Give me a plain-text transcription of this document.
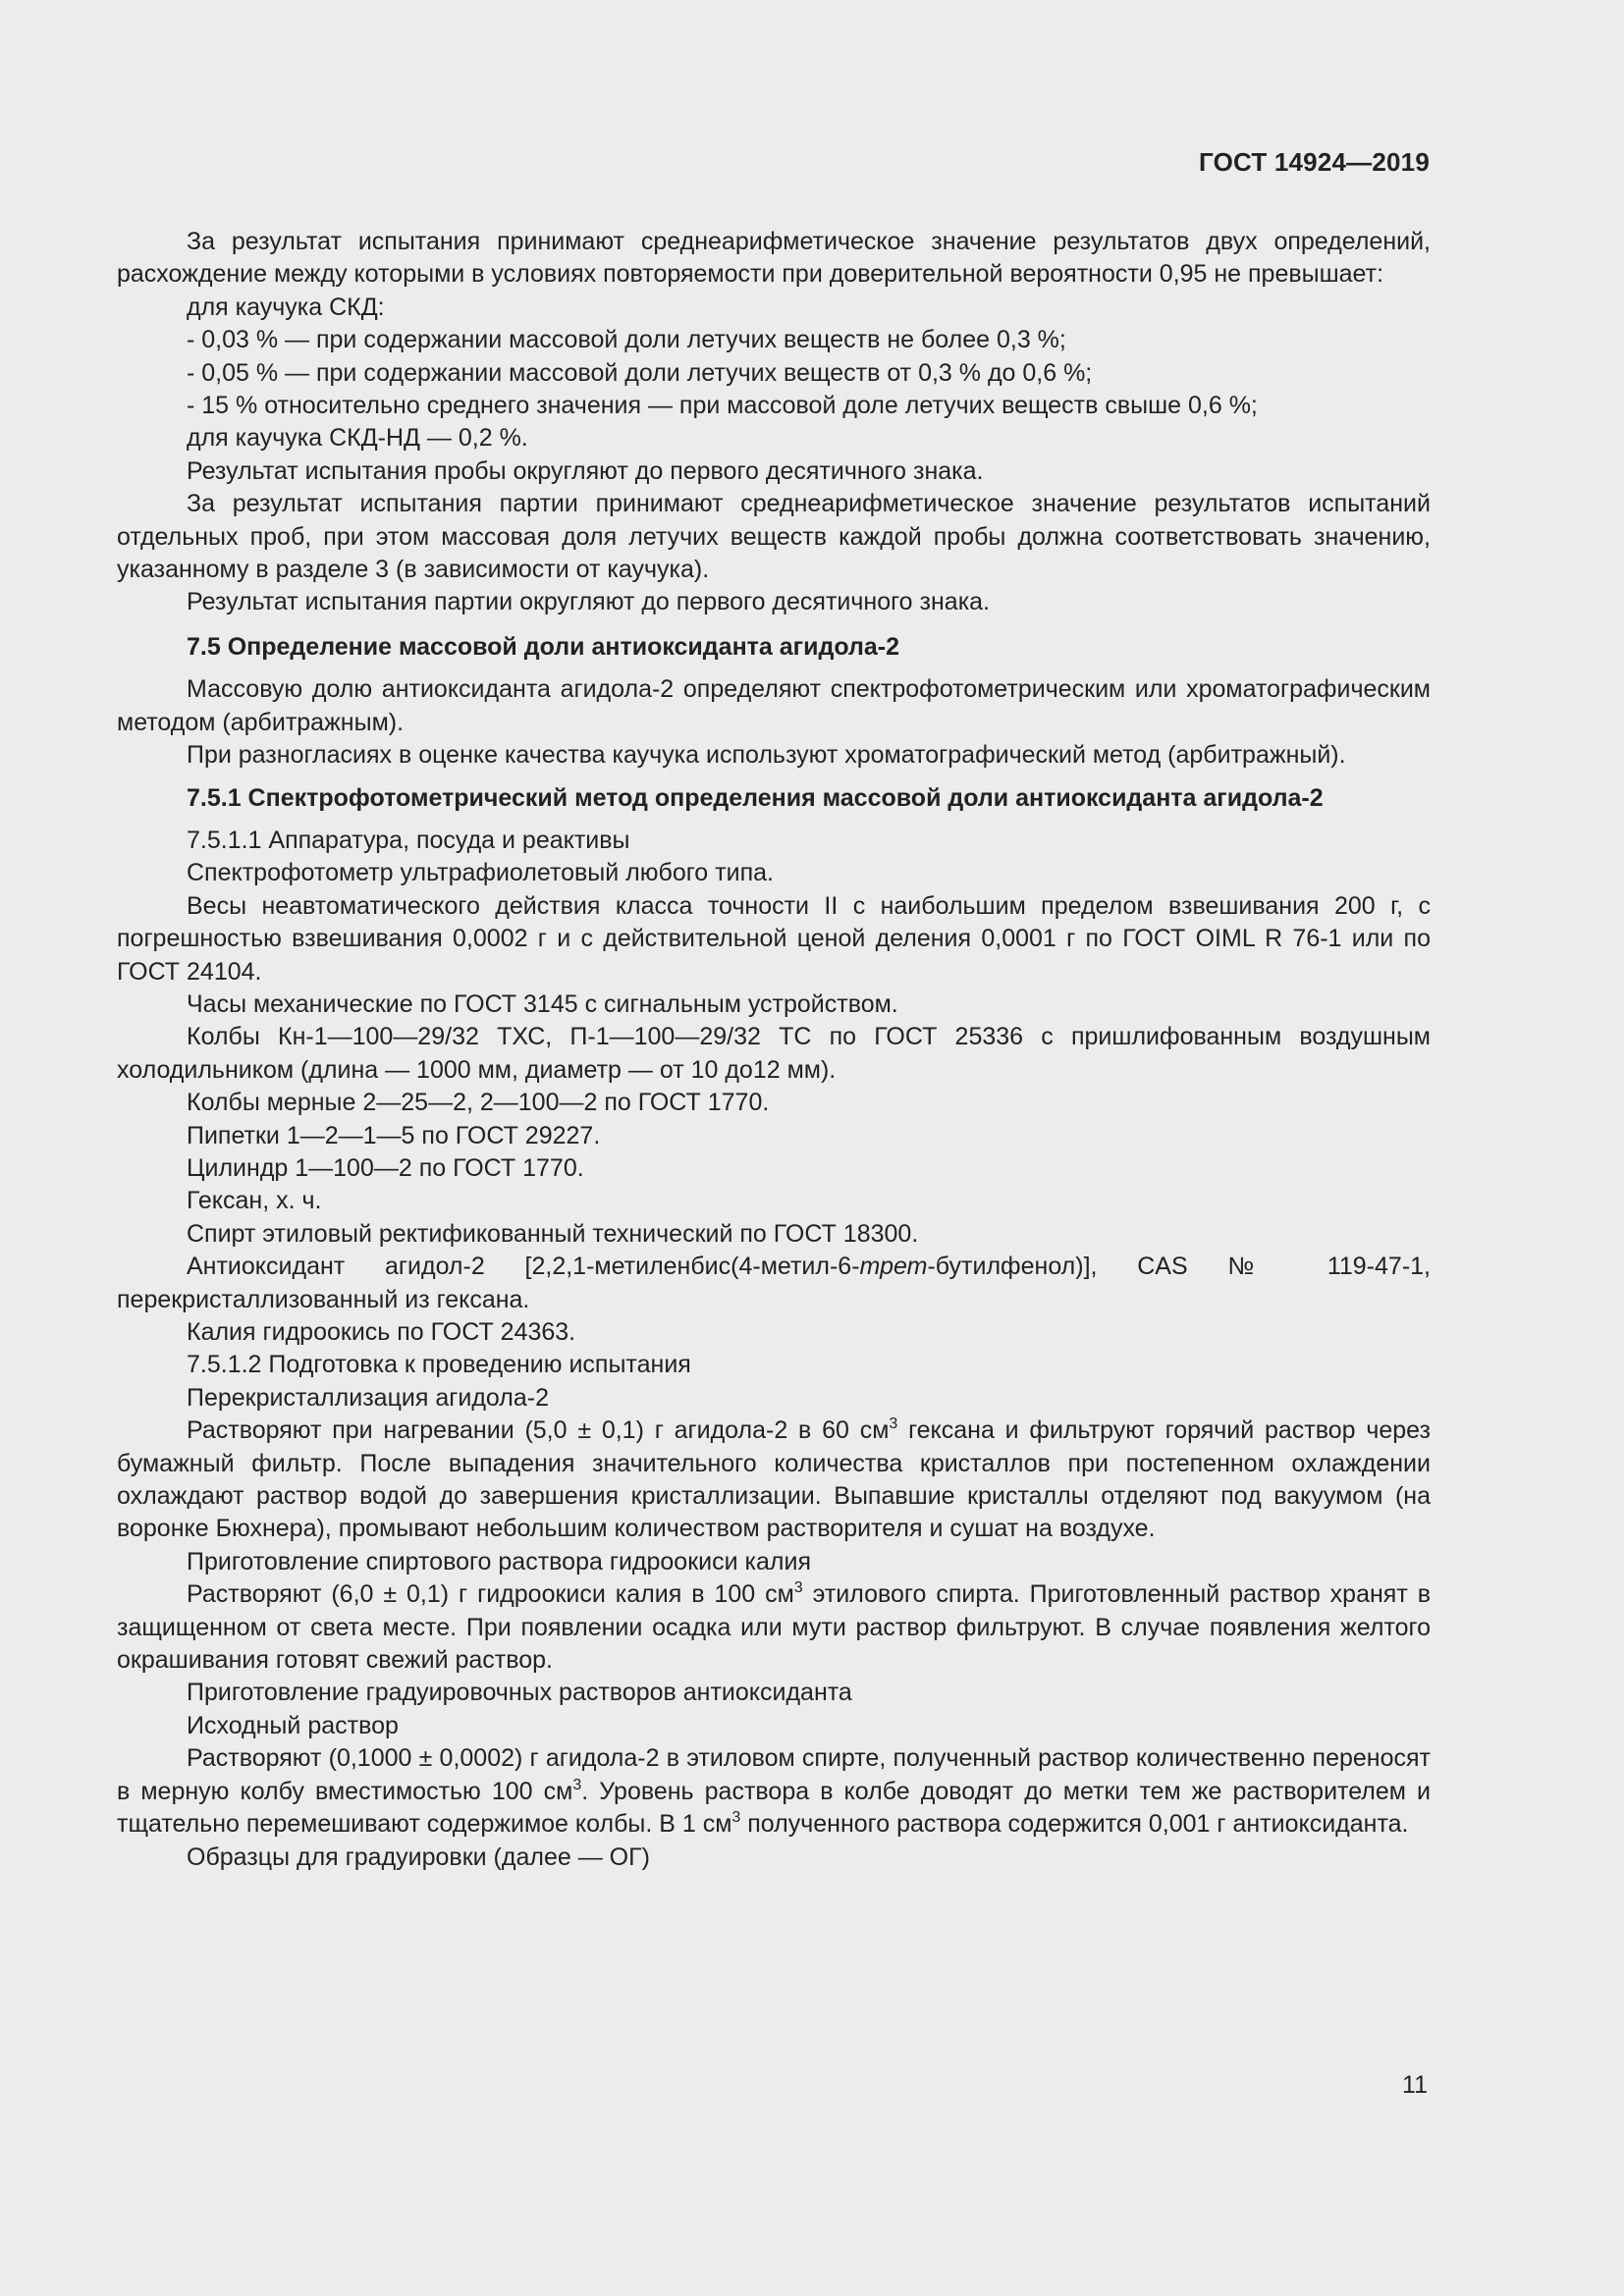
ГОСТ 14924—2019

За результат испытания принимают среднеарифметическое значение результатов двух определений, расхождение между которыми в условиях повторяемости при доверительной вероятности 0,95 не превышает:

для каучука СКД:

- 0,03 % — при содержании массовой доли летучих веществ не более 0,3 %;

- 0,05 % — при содержании массовой доли летучих веществ от 0,3 % до 0,6 %;

- 15 % относительно среднего значения — при массовой доле летучих веществ свыше 0,6 %;

для каучука СКД-НД — 0,2 %.

Результат испытания пробы округляют до первого десятичного знака.

За результат испытания партии принимают среднеарифметическое значение результатов испытаний отдельных проб, при этом массовая доля летучих веществ каждой пробы должна соответствовать значению, указанному в разделе 3 (в зависимости от каучука).

Результат испытания партии округляют до первого десятичного знака.

7.5 Определение массовой доли антиоксиданта агидола-2

Массовую долю антиоксиданта агидола-2 определяют спектрофотометрическим или хроматографическим методом (арбитражным).

При разногласиях в оценке качества каучука используют хроматографический метод (арбитражный).

7.5.1 Спектрофотометрический метод определения массовой доли антиоксиданта агидола-2

7.5.1.1 Аппаратура, посуда и реактивы

Спектрофотометр ультрафиолетовый любого типа.

Весы неавтоматического действия класса точности II с наибольшим пределом взвешивания 200 г, с погрешностью взвешивания 0,0002 г и с действительной ценой деления 0,0001 г по ГОСТ OIML R 76-1 или по ГОСТ 24104.

Часы механические по ГОСТ 3145 с сигнальным устройством.

Колбы Кн-1—100—29/32 ТХС, П-1—100—29/32 ТС по ГОСТ 25336 с пришлифованным воздушным холодильником (длина — 1000 мм, диаметр — от 10 до12 мм).

Колбы мерные 2—25—2, 2—100—2 по ГОСТ 1770.

Пипетки 1—2—1—5 по ГОСТ 29227.

Цилиндр 1—100—2 по ГОСТ 1770.

Гексан, х. ч.

Спирт этиловый ректификованный технический по ГОСТ 18300.

Антиоксидант агидол-2 [2,2,1-метиленбис(4-метил-6-трет-бутилфенол)], CAS № 119-47-1, перекристаллизованный из гексана.

Калия гидроокись по ГОСТ 24363.

7.5.1.2 Подготовка к проведению испытания

Перекристаллизация агидола-2

Растворяют при нагревании (5,0 ± 0,1) г агидола-2 в 60 $см^3$ гексана и фильтруют горячий раствор через бумажный фильтр. После выпадения значительного количества кристаллов при постепенном охлаждении охлаждают раствор водой до завершения кристаллизации. Выпавшие кристаллы отделяют под вакуумом (на воронке Бюхнера), промывают небольшим количеством растворителя и сушат на воздухе.

Приготовление спиртового раствора гидроокиси калия

Растворяют (6,0 ± 0,1) г гидроокиси калия в 100 $см^3$ этилового спирта. Приготовленный раствор хранят в защищенном от света месте. При появлении осадка или мути раствор фильтруют. В случае появления желтого окрашивания готовят свежий раствор.

Приготовление градуировочных растворов антиоксиданта

Исходный раствор

Растворяют (0,1000 ± 0,0002) г агидола-2 в этиловом спирте, полученный раствор количественно переносят в мерную колбу вместимостью 100 $см^3$. Уровень раствора в колбе доводят до метки тем же растворителем и тщательно перемешивают содержимое колбы. В 1 $см^3$ полученного раствора содержится 0,001 г антиоксиданта.

Образцы для градуировки (далее — ОГ)

11
